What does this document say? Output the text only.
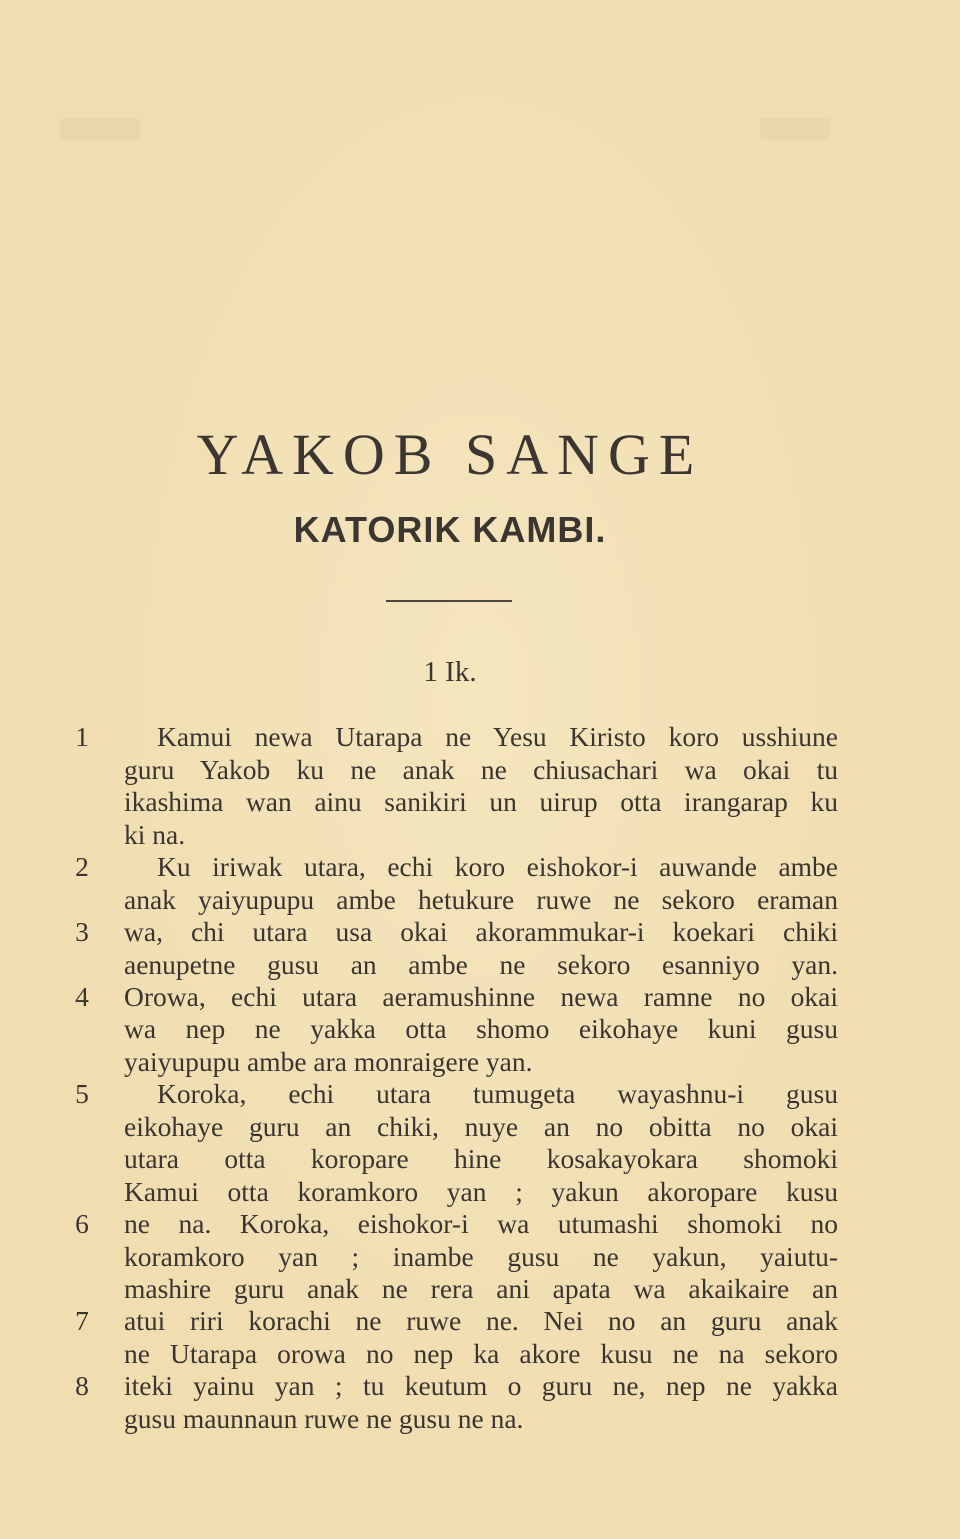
YAKOB SANGE
KATORIK KAMBI.
1 Ik.
1
2
3
4
5
6
7
8
Kamui newa Utarapa ne Yesu Kiristo koro usshiune
guru Yakob ku ne anak ne chiusachari wa okai tu
ikashima wan ainu sanikiri un uirup otta irangarap ku
ki na.
Ku iriwak utara, echi koro eishokor-i auwande ambe
anak yaiyupupu ambe hetukure ruwe ne sekoro eraman
wa, chi utara usa okai akorammukar-i koekari chiki
aenupetne gusu an ambe ne sekoro esanniyo yan.
Orowa, echi utara aeramushinne newa ramne no okai
wa nep ne yakka otta shomo eikohaye kuni gusu
yaiyupupu ambe ara monraigere yan.
Koroka, echi utara tumugeta wayashnu-i gusu
eikohaye guru an chiki, nuye an no obitta no okai
utara otta koropare hine kosakayokara shomoki
Kamui otta koramkoro yan ; yakun akoropare kusu
ne na. Koroka, eishokor-i wa utumashi shomoki no
koramkoro yan ; inambe gusu ne yakun, yaiutu-
mashire guru anak ne rera ani apata wa akaikaire an
atui riri korachi ne ruwe ne. Nei no an guru anak
ne Utarapa orowa no nep ka akore kusu ne na sekoro
iteki yainu yan ; tu keutum o guru ne, nep ne yakka
gusu maunnaun ruwe ne gusu ne na.
